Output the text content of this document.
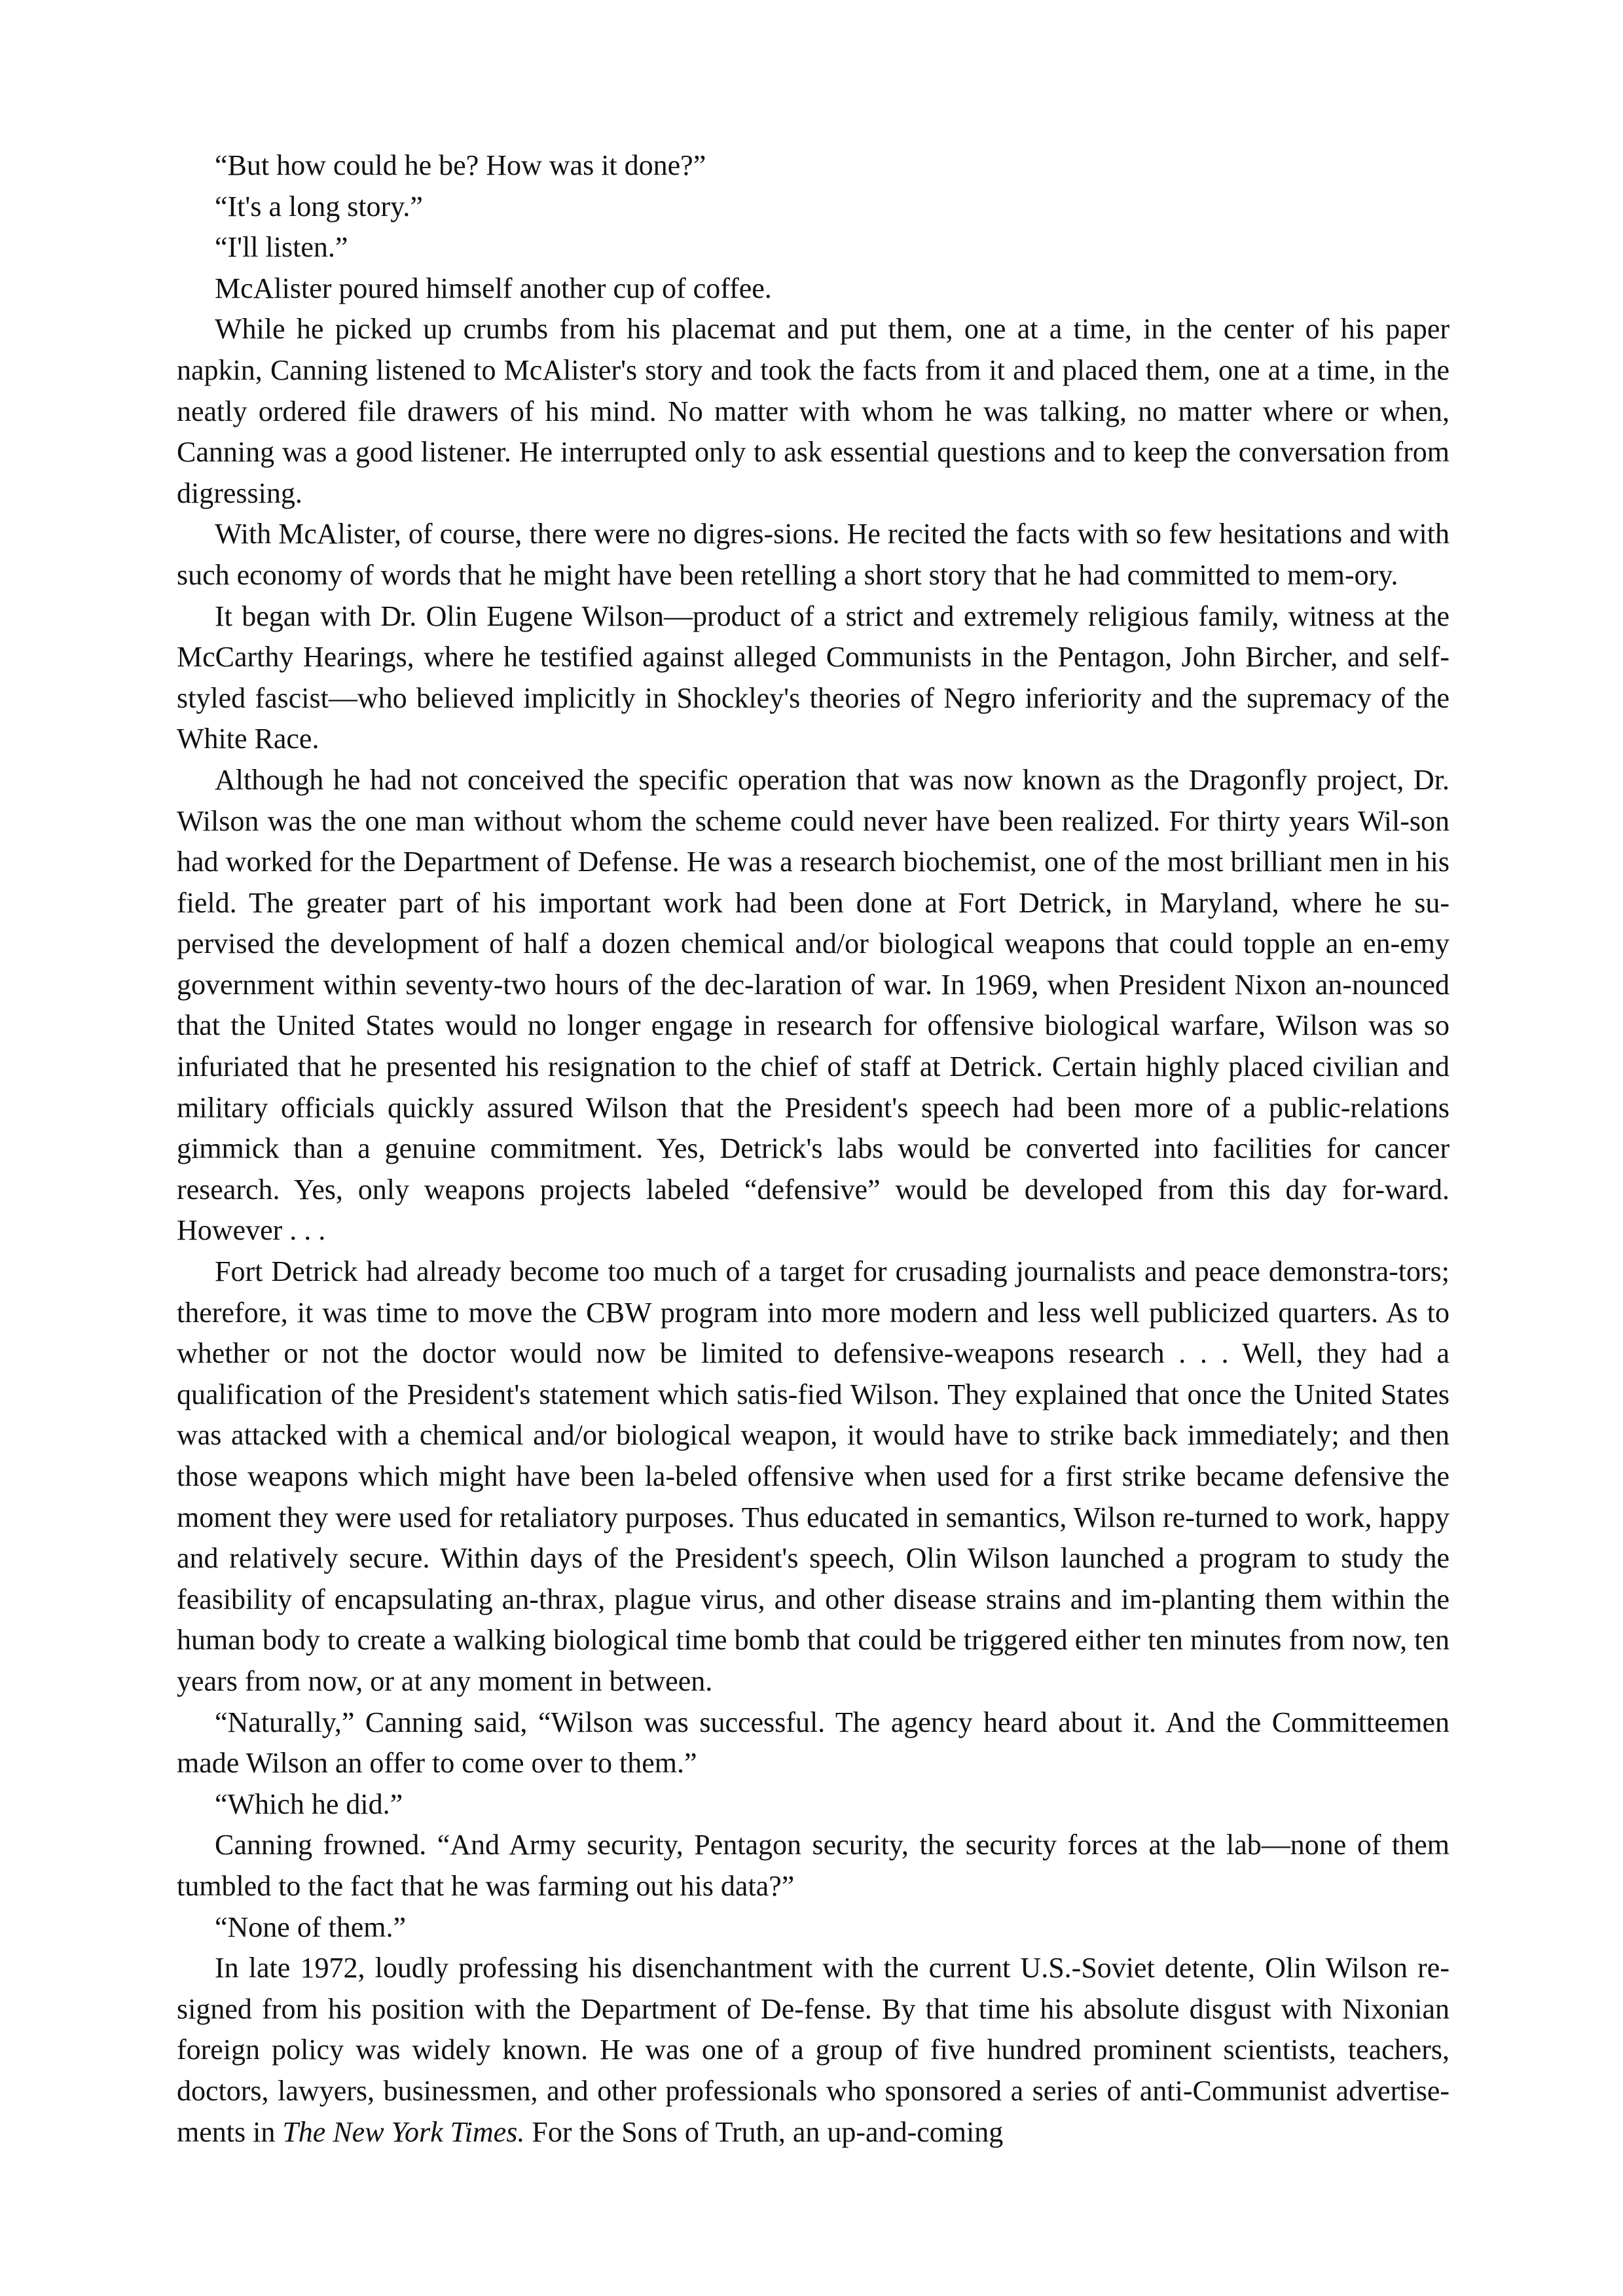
“But how could he be? How was it done?”

“It's a long story.”

“I'll listen.”

McAlister poured himself another cup of coffee.

While he picked up crumbs from his placemat and put them, one at a time, in the center of his paper napkin, Canning listened to McAlister's story and took the facts from it and placed them, one at a time, in the neatly ordered file drawers of his mind. No matter with whom he was talking, no matter where or when, Canning was a good listener. He interrupted only to ask essential questions and to keep the conversation from digressing.

With McAlister, of course, there were no digres-sions. He recited the facts with so few hesitations and with such economy of words that he might have been retelling a short story that he had committed to mem-ory.

It began with Dr. Olin Eugene Wilson—product of a strict and extremely religious family, witness at the McCarthy Hearings, where he testified against alleged Communists in the Pentagon, John Bircher, and self-styled fascist—who believed implicitly in Shockley's theories of Negro inferiority and the supremacy of the White Race.

Although he had not conceived the specific operation that was now known as the Dragonfly project, Dr. Wilson was the one man without whom the scheme could never have been realized. For thirty years Wil-son had worked for the Department of Defense. He was a research biochemist, one of the most brilliant men in his field. The greater part of his important work had been done at Fort Detrick, in Maryland, where he su-pervised the development of half a dozen chemical and/or biological weapons that could topple an en-emy government within seventy-two hours of the dec-laration of war. In 1969, when President Nixon an-nounced that the United States would no longer engage in research for offensive biological warfare, Wilson was so infuriated that he presented his resignation to the chief of staff at Detrick. Certain highly placed civilian and military officials quickly assured Wilson that the President's speech had been more of a public-relations gimmick than a genuine commitment. Yes, Detrick's labs would be converted into facilities for cancer research. Yes, only weapons projects labeled “defensive” would be developed from this day for-ward. However . . .

Fort Detrick had already become too much of a target for crusading journalists and peace demonstra-tors; therefore, it was time to move the CBW program into more modern and less well publicized quarters. As to whether or not the doctor would now be limited to defensive-weapons research . . . Well, they had a qualification of the President's statement which satis-fied Wilson. They explained that once the United States was attacked with a chemical and/or biological weapon, it would have to strike back immediately; and then those weapons which might have been la-beled offensive when used for a first strike became defensive the moment they were used for retaliatory purposes. Thus educated in semantics, Wilson re-turned to work, happy and relatively secure. Within days of the President's speech, Olin Wilson launched a program to study the feasibility of encapsulating an-thrax, plague virus, and other disease strains and im-planting them within the human body to create a walking biological time bomb that could be triggered either ten minutes from now, ten years from now, or at any moment in between.

“Naturally,” Canning said, “Wilson was successful. The agency heard about it. And the Committeemen made Wilson an offer to come over to them.”

“Which he did.”

Canning frowned. “And Army security, Pentagon security, the security forces at the lab—none of them tumbled to the fact that he was farming out his data?”

“None of them.”

In late 1972, loudly professing his disenchantment with the current U.S.-Soviet detente, Olin Wilson re-signed from his position with the Department of De-fense. By that time his absolute disgust with Nixonian foreign policy was widely known. He was one of a group of five hundred prominent scientists, teachers, doctors, lawyers, businessmen, and other professionals who sponsored a series of anti-Communist advertise-ments in The New York Times. For the Sons of Truth, an up-and-coming
